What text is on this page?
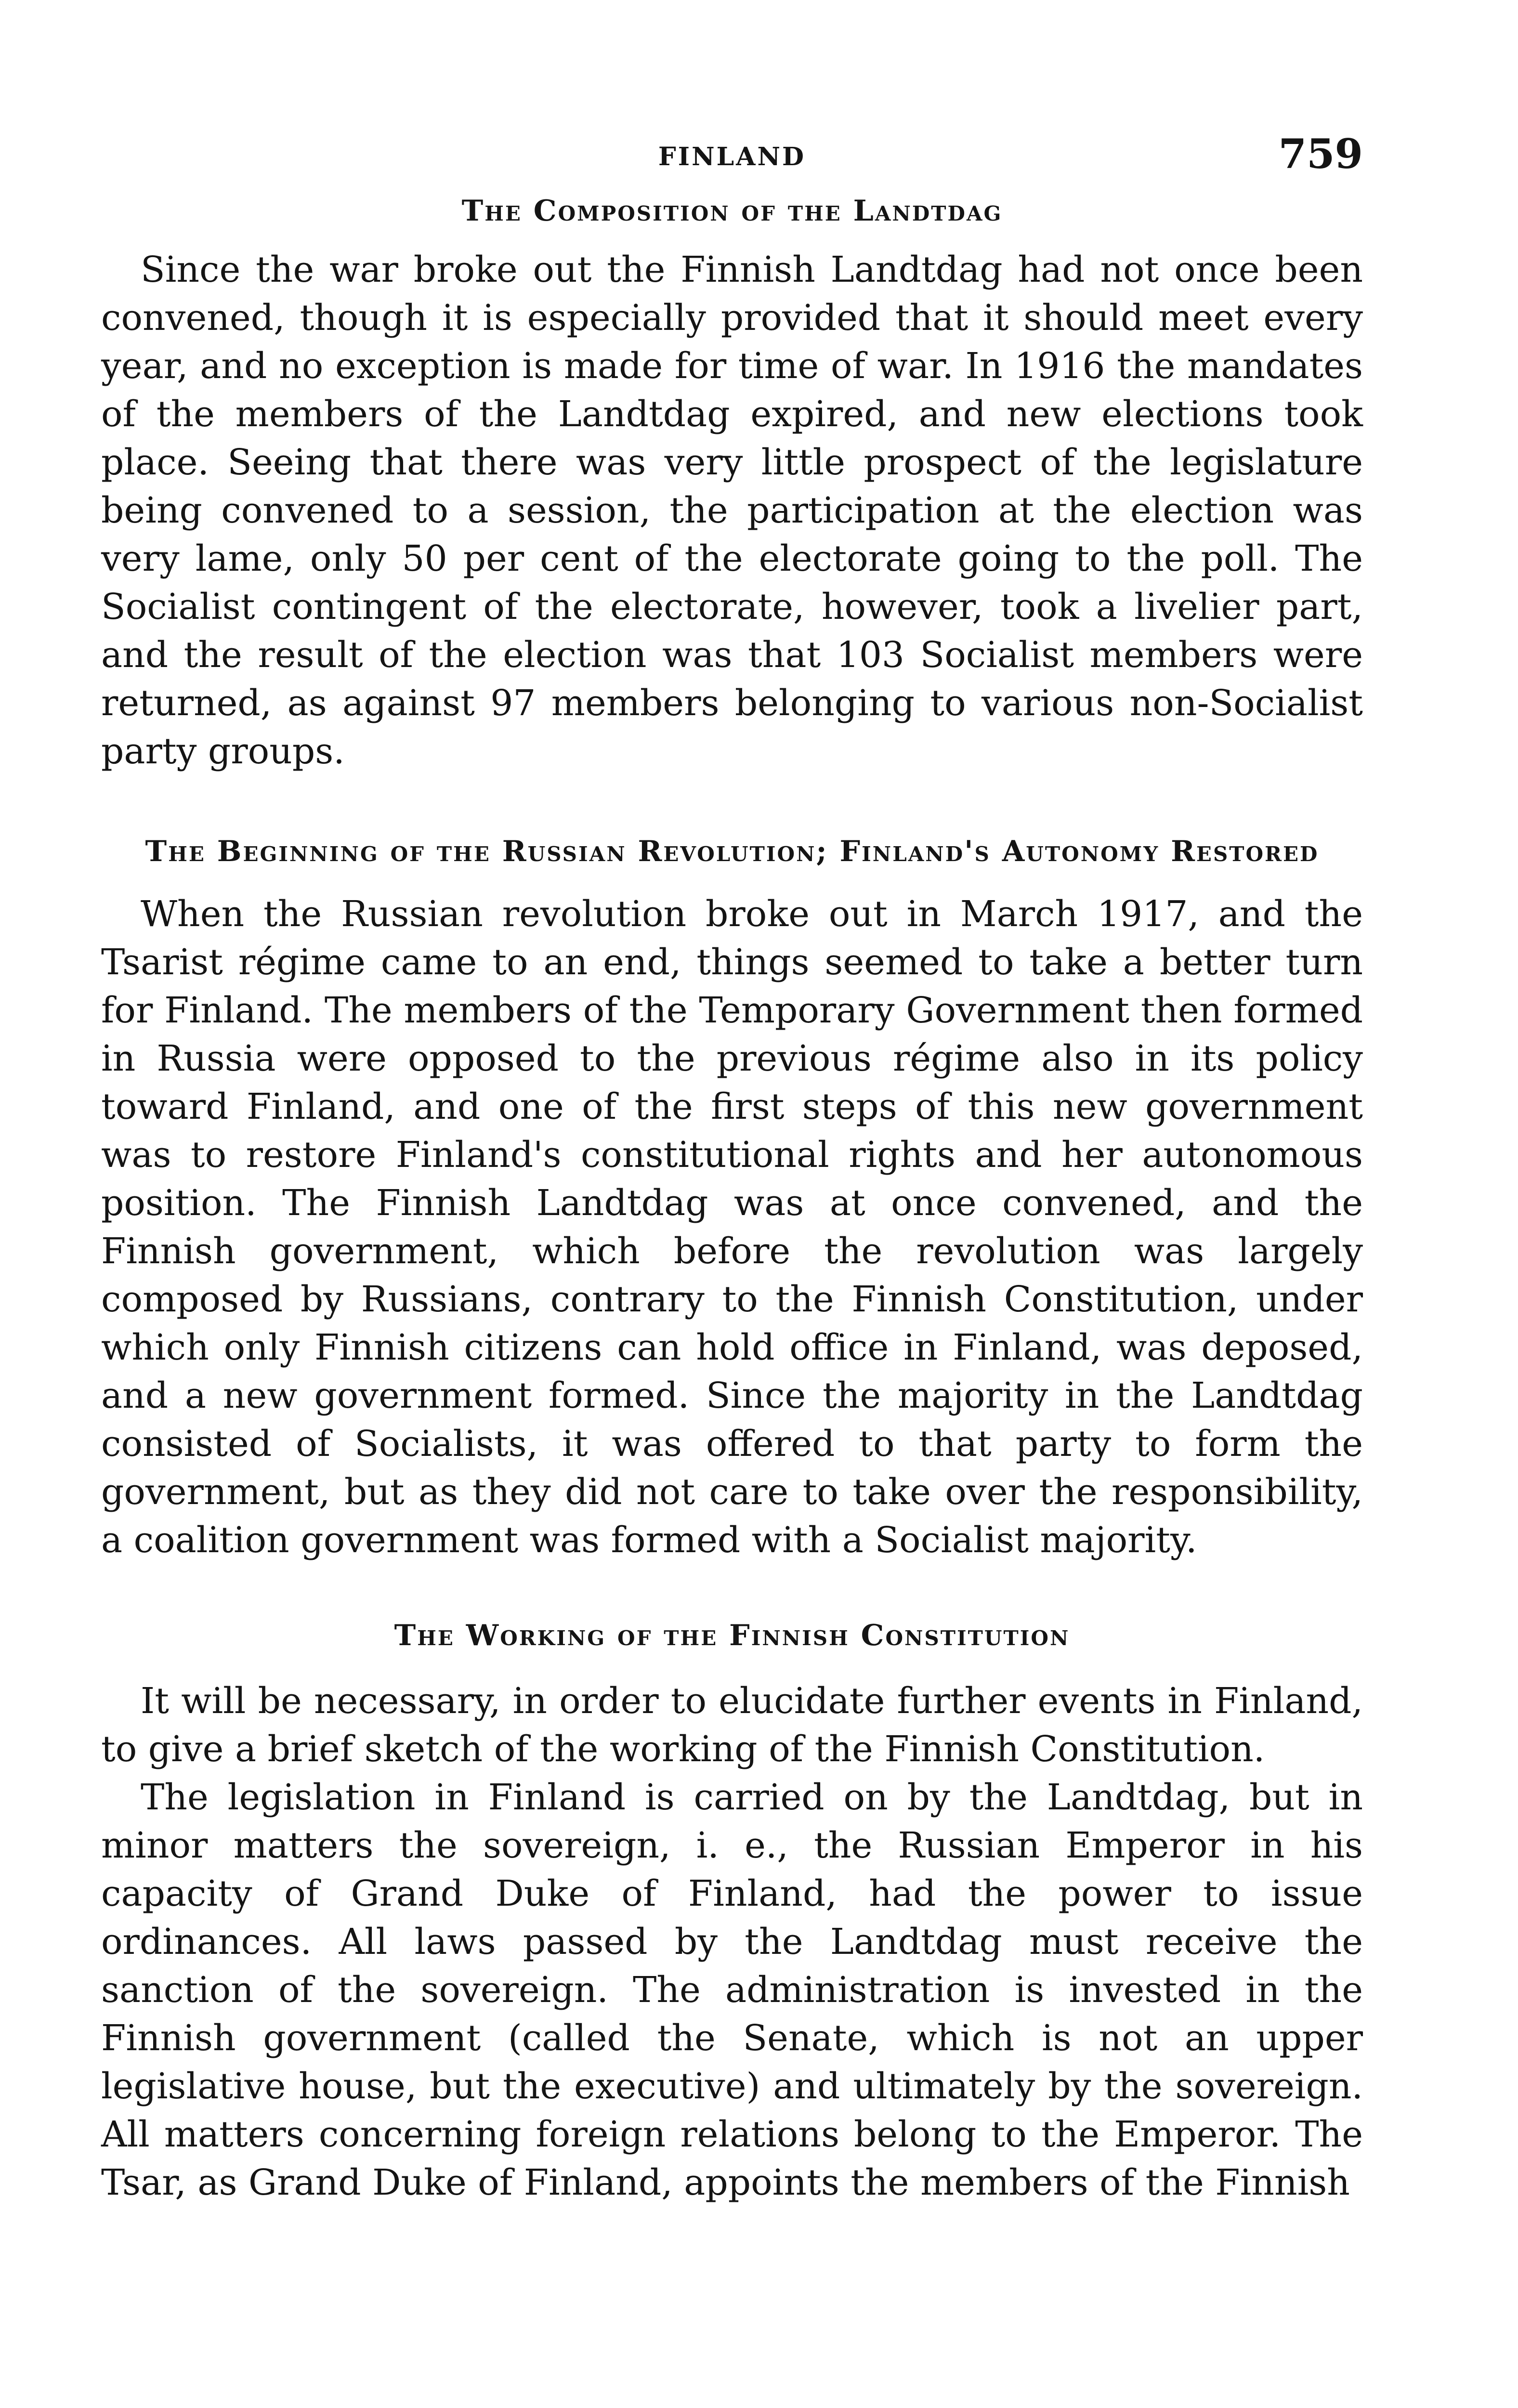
FINLAND	759
The Composition of the Landtdag

Since the war broke out the Finnish Landtdag had not once been convened, though it is especially provided that it should meet every year, and no exception is made for time of war. In 1916 the mandates of the members of the Landtdag expired, and new elections took place. Seeing that there was very little prospect of the legislature being convened to a session, the participation at the election was very lame, only 50 per cent of the electorate going to the poll. The Socialist contingent of the electorate, however, took a livelier part, and the result of the election was that 103 Socialist members were returned, as against 97 members belonging to various non-Socialist party groups.

The Beginning of the Russian Revolution; Finland's Autonomy Restored

When the Russian revolution broke out in March 1917, and the Tsarist régime came to an end, things seemed to take a better turn for Finland. The members of the Temporary Government then formed in Russia were opposed to the previous régime also in its policy toward Finland, and one of the first steps of this new government was to restore Finland's constitutional rights and her autonomous position. The Finnish Landtdag was at once convened, and the Finnish government, which before the revolution was largely composed by Russians, contrary to the Finnish Constitution, under which only Finnish citizens can hold office in Finland, was deposed, and a new government formed. Since the majority in the Landtdag consisted of Socialists, it was offered to that party to form the government, but as they did not care to take over the responsibility, a coalition government was formed with a Socialist majority.

The Working of the Finnish Constitution

It will be necessary, in order to elucidate further events in Finland, to give a brief sketch of the working of the Finnish Constitution.

The legislation in Finland is carried on by the Landtdag, but in minor matters the sovereign, i. e., the Russian Emperor in his capacity of Grand Duke of Finland, had the power to issue ordinances. All laws passed by the Landtdag must receive the sanction of the sovereign. The administration is invested in the Finnish government (called the Senate, which is not an upper legislative house, but the executive) and ultimately by the sovereign. All matters concerning foreign relations belong to the Emperor. The Tsar, as Grand Duke of Finland, appoints the members of the Finnish
